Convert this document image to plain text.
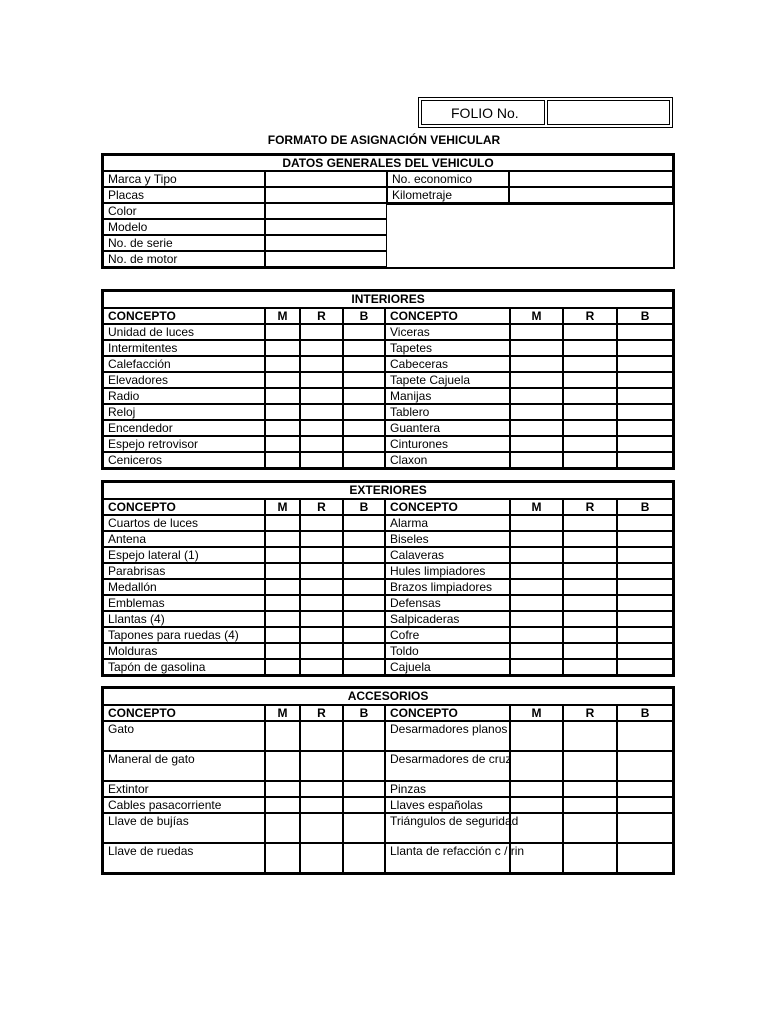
FOLIO No.
FORMATO DE ASIGNACIÓN VEHICULAR
DATOS GENERALES DEL VEHICULO			
Marca y Tipo		No. economico	
Placas		Kilometraje	
Color			
Modelo			
No. de serie			
No. de motor			
INTERIORES							
CONCEPTO	M	R	B	CONCEPTO	M	R	B
Unidad de luces				Viceras			
Intermitentes				Tapetes			
Calefacción				Cabeceras			
Elevadores				Tapete Cajuela			
Radio				Manijas			
Reloj				Tablero			
Encendedor				Guantera			
Espejo retrovisor				Cinturones			
Ceniceros				Claxon			
EXTERIORES							
CONCEPTO	M	R	B	CONCEPTO	M	R	B
Cuartos de luces				Alarma			
Antena				Biseles			
Espejo lateral (1)				Calaveras			
Parabrisas				Hules limpiadores			
Medallón				Brazos limpiadores			
Emblemas				Defensas			
Llantas (4)				Salpicaderas			
Tapones para ruedas (4)				Cofre			
Molduras				Toldo			
Tapón de gasolina				Cajuela			
ACCESORIOS							
CONCEPTO	M	R	B	CONCEPTO	M	R	B
Gato				Desarmadores planos			
Maneral de gato				Desarmadores de cruz			
Extintor				Pinzas			
Cables pasacorriente				Llaves españolas			
Llave de bujías				Triángulos de seguridad			
Llave de ruedas				Llanta de refacción c / rin			
